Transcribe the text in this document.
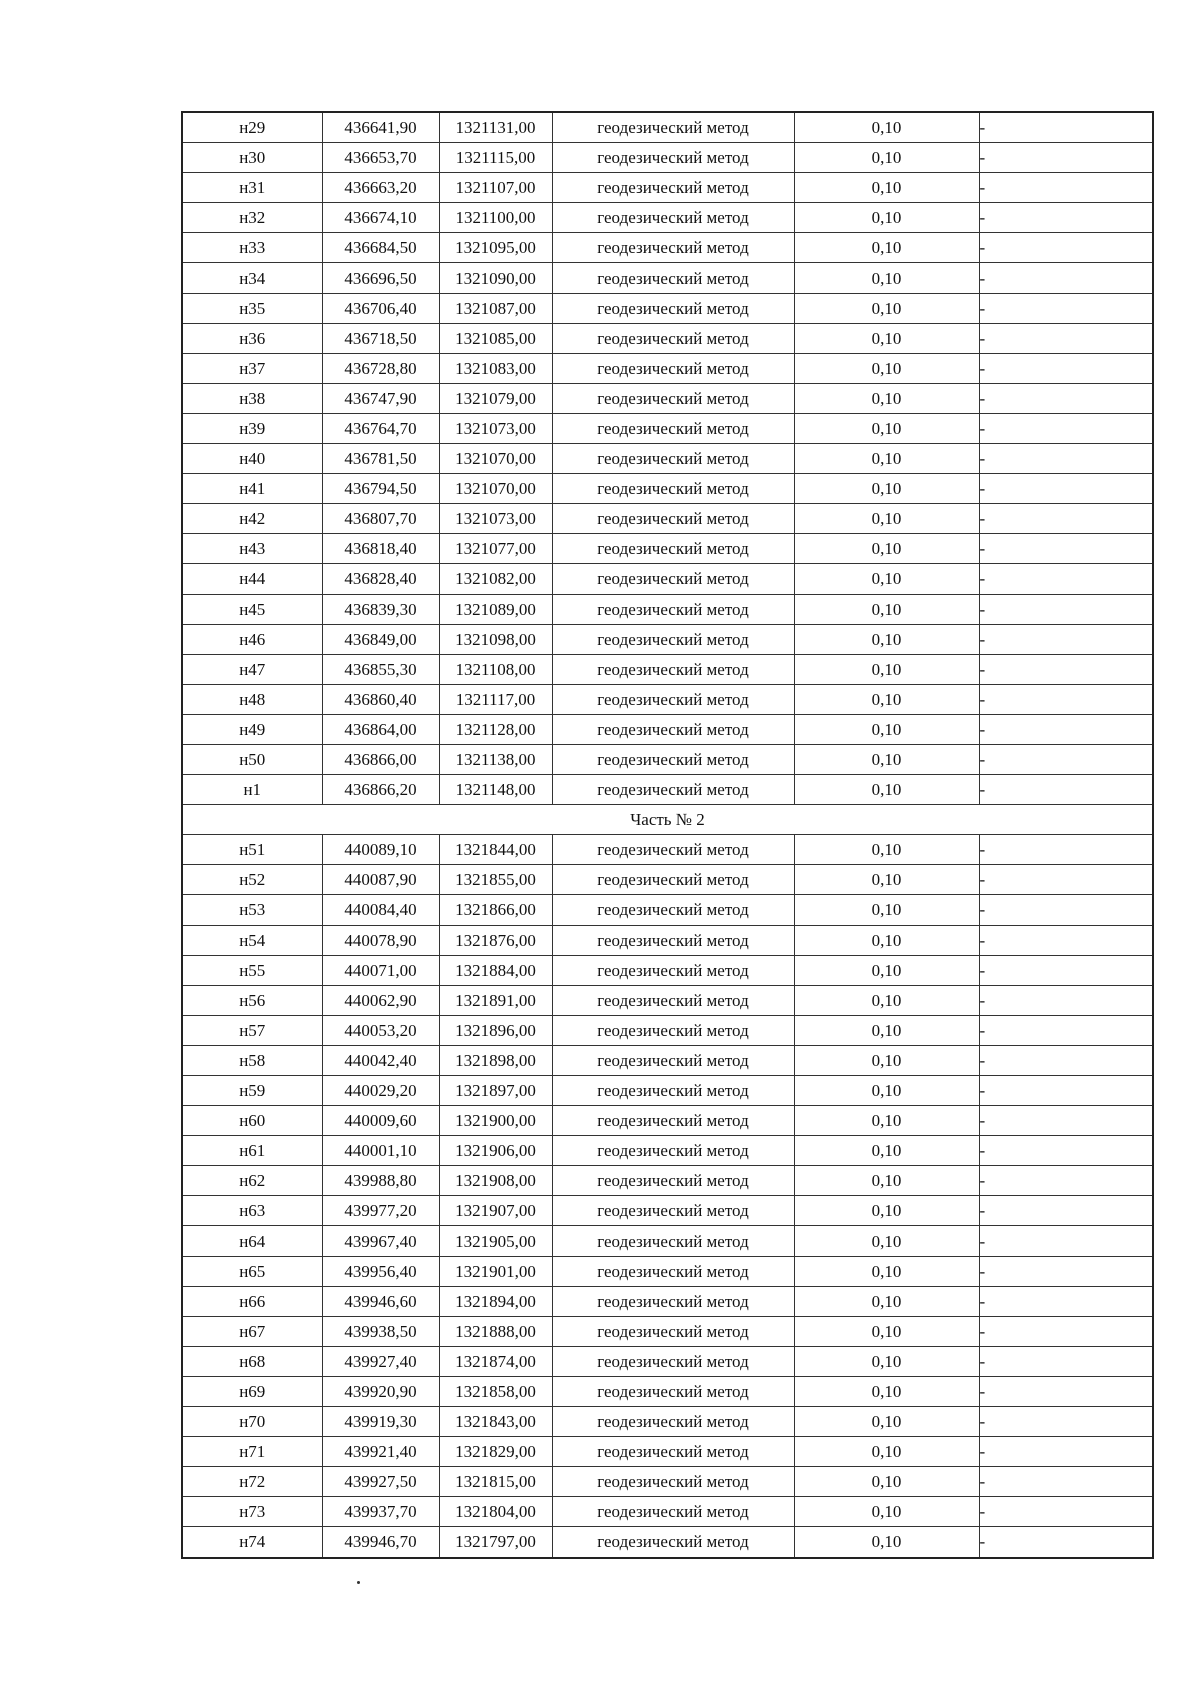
н29	436641,90	1321131,00	геодезический метод	0,10	-
н30	436653,70	1321115,00	геодезический метод	0,10	-
н31	436663,20	1321107,00	геодезический метод	0,10	-
н32	436674,10	1321100,00	геодезический метод	0,10	-
н33	436684,50	1321095,00	геодезический метод	0,10	-
н34	436696,50	1321090,00	геодезический метод	0,10	-
н35	436706,40	1321087,00	геодезический метод	0,10	-
н36	436718,50	1321085,00	геодезический метод	0,10	-
н37	436728,80	1321083,00	геодезический метод	0,10	-
н38	436747,90	1321079,00	геодезический метод	0,10	-
н39	436764,70	1321073,00	геодезический метод	0,10	-
н40	436781,50	1321070,00	геодезический метод	0,10	-
н41	436794,50	1321070,00	геодезический метод	0,10	-
н42	436807,70	1321073,00	геодезический метод	0,10	-
н43	436818,40	1321077,00	геодезический метод	0,10	-
н44	436828,40	1321082,00	геодезический метод	0,10	-
н45	436839,30	1321089,00	геодезический метод	0,10	-
н46	436849,00	1321098,00	геодезический метод	0,10	-
н47	436855,30	1321108,00	геодезический метод	0,10	-
н48	436860,40	1321117,00	геодезический метод	0,10	-
н49	436864,00	1321128,00	геодезический метод	0,10	-
н50	436866,00	1321138,00	геодезический метод	0,10	-
н1	436866,20	1321148,00	геодезический метод	0,10	-
Часть № 2					
н51	440089,10	1321844,00	геодезический метод	0,10	-
н52	440087,90	1321855,00	геодезический метод	0,10	-
н53	440084,40	1321866,00	геодезический метод	0,10	-
н54	440078,90	1321876,00	геодезический метод	0,10	-
н55	440071,00	1321884,00	геодезический метод	0,10	-
н56	440062,90	1321891,00	геодезический метод	0,10	-
н57	440053,20	1321896,00	геодезический метод	0,10	-
н58	440042,40	1321898,00	геодезический метод	0,10	-
н59	440029,20	1321897,00	геодезический метод	0,10	-
н60	440009,60	1321900,00	геодезический метод	0,10	-
н61	440001,10	1321906,00	геодезический метод	0,10	-
н62	439988,80	1321908,00	геодезический метод	0,10	-
н63	439977,20	1321907,00	геодезический метод	0,10	-
н64	439967,40	1321905,00	геодезический метод	0,10	-
н65	439956,40	1321901,00	геодезический метод	0,10	-
н66	439946,60	1321894,00	геодезический метод	0,10	-
н67	439938,50	1321888,00	геодезический метод	0,10	-
н68	439927,40	1321874,00	геодезический метод	0,10	-
н69	439920,90	1321858,00	геодезический метод	0,10	-
н70	439919,30	1321843,00	геодезический метод	0,10	-
н71	439921,40	1321829,00	геодезический метод	0,10	-
н72	439927,50	1321815,00	геодезический метод	0,10	-
н73	439937,70	1321804,00	геодезический метод	0,10	-
н74	439946,70	1321797,00	геодезический метод	0,10	-
